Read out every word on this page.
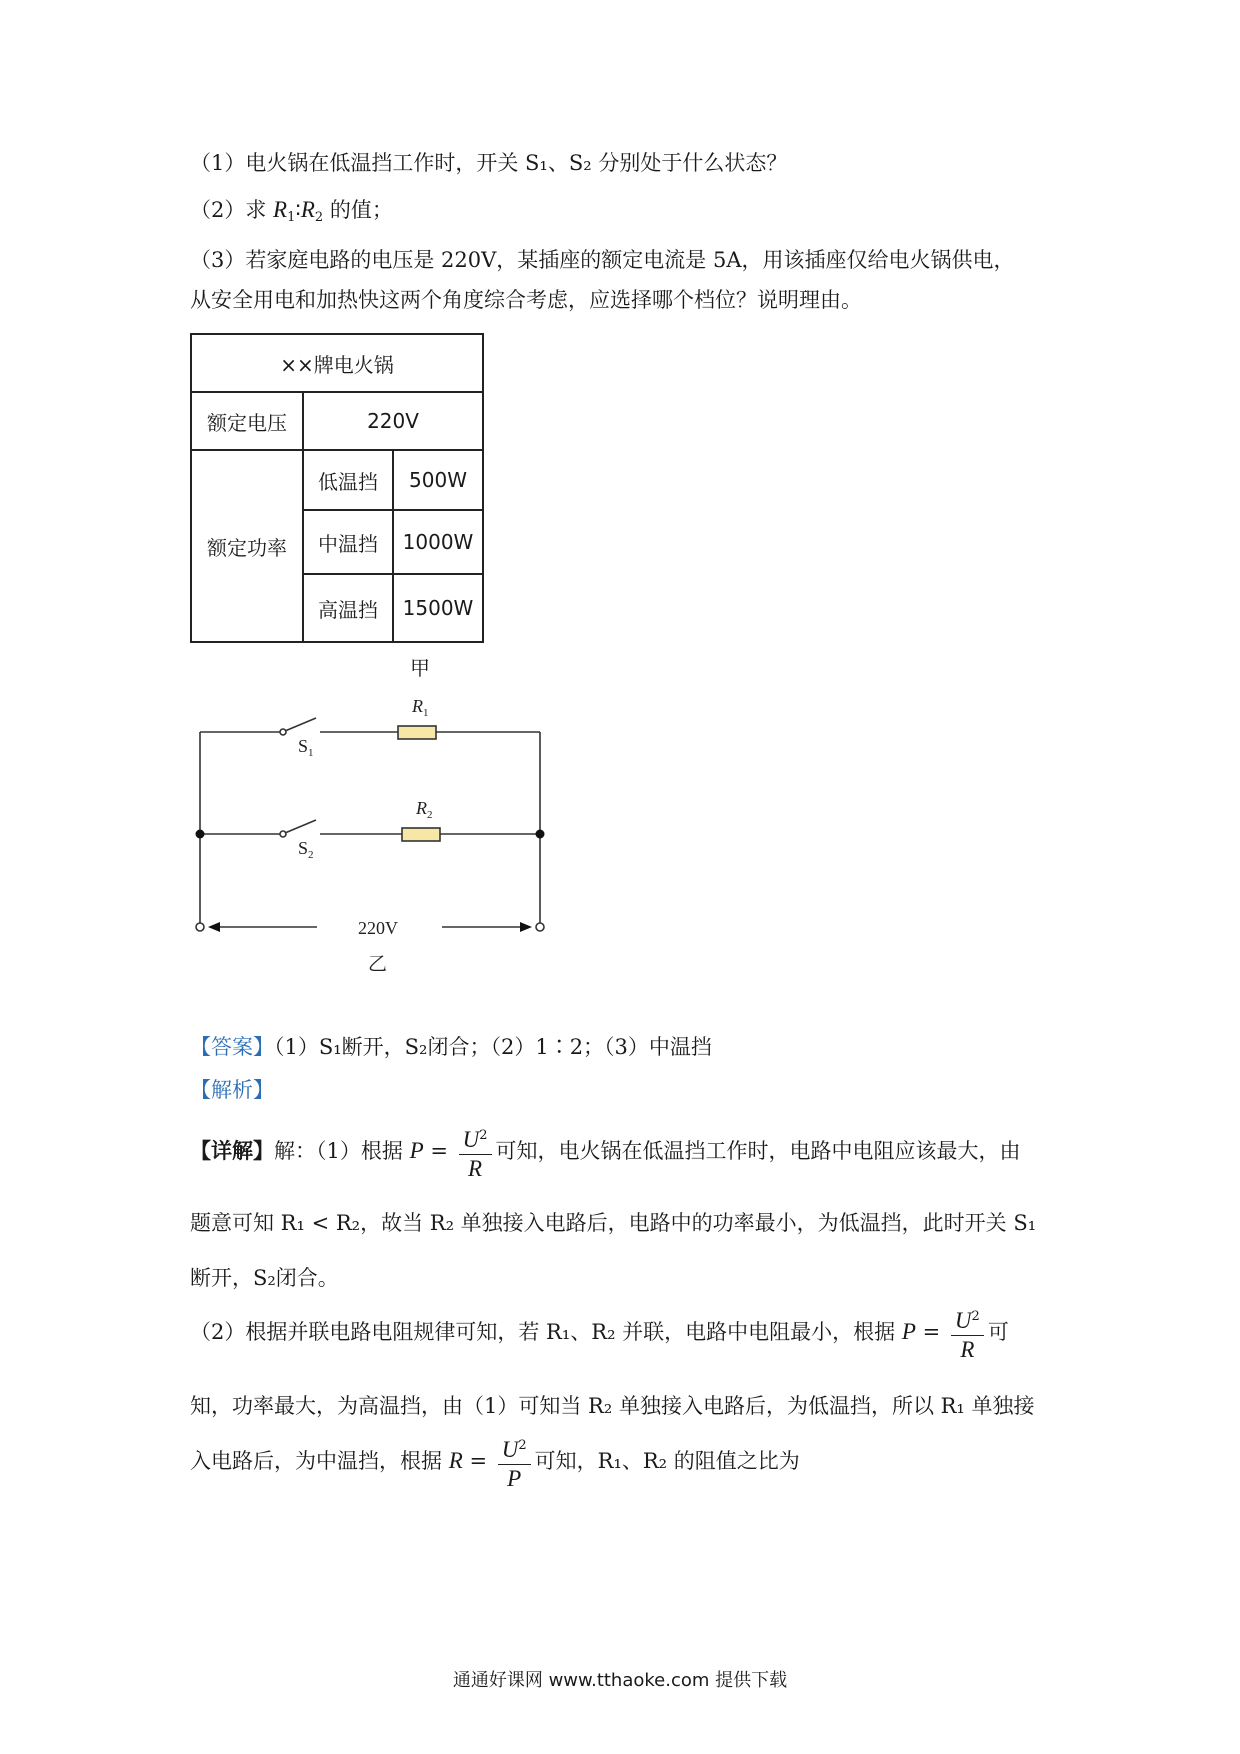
（1）电火锅在低温挡工作时，开关 S₁、S₂ 分别处于什么状态？
（2）求 $R_1∶R_2$ 的值；
（3）若家庭电路的电压是 220V，某插座的额定电流是 5A，用该插座仅给电火锅供电，
从安全用电和加热快这两个角度综合考虑，应选择哪个档位？说明理由。
××牌电火锅		
额定电压	220V	
额定功率	低温挡	500W
	中温挡	1000W
	高温挡	1500W
甲
$R_1$
$R_2$
$S_1$
$S_2$
220V
乙
【答案】（1）S₁断开，S₂闭合；（2）1∶2；（3）中温挡
【解析】
【详解】解：（1）根据 $P = \frac{U^2}{R}$ 可知，电火锅在低温挡工作时，电路中电阻应该最大，由
题意可知 R₁ < R₂，故当 R₂ 单独接入电路后，电路中的功率最小，为低温挡，此时开关 S₁
断开，S₂闭合。
（2）根据并联电路电阻规律可知，若 R₁、R₂ 并联，电路中电阻最小，根据 $P = \frac{U^2}{R}$ 可
知，功率最大，为高温挡，由（1）可知当 R₂ 单独接入电路后，为低温挡，所以 R₁ 单独接
入电路后，为中温挡，根据 $R = \frac{U^2}{P}$ 可知，R₁、R₂ 的阻值之比为
通通好课网 www.tthaoke.com 提供下载
